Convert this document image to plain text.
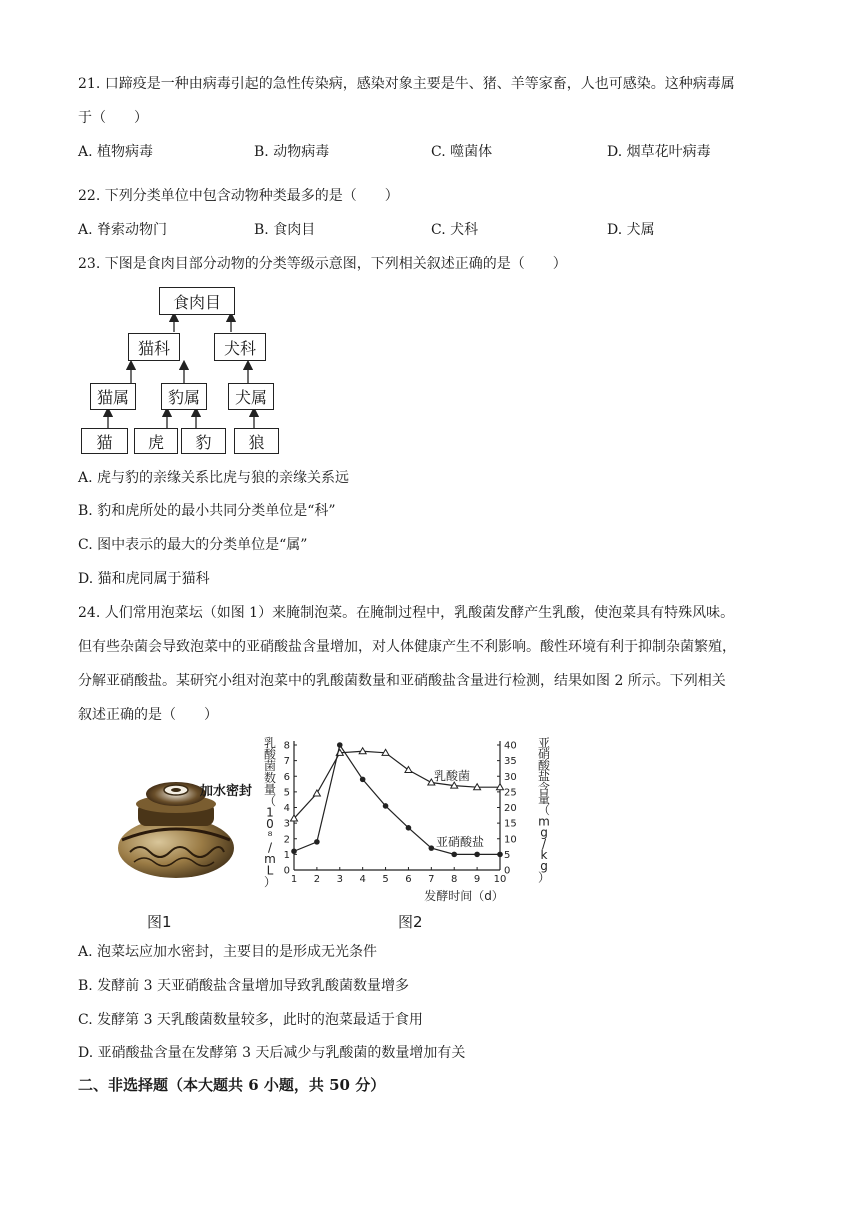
21. 口蹄疫是一种由病毒引起的急性传染病，感染对象主要是牛、猪、羊等家畜，人也可感染。这种病毒属
于（　　）
A. 植物病毒	B. 动物病毒	C. 噬菌体	D. 烟草花叶病毒
22. 下列分类单位中包含动物种类最多的是（　　）
A. 脊索动物门	B. 食肉目	C. 犬科	D. 犬属
23. 下图是食肉目部分动物的分类等级示意图，下列相关叙述正确的是（　　）
食肉目
猫科	犬科
猫属	豹属	犬属
猫	虎	豹	狼
A. 虎与豹的亲缘关系比虎与狼的亲缘关系远
B. 豹和虎所处的最小共同分类单位是“科”
C. 图中表示的最大的分类单位是“属”
D. 猫和虎同属于猫科
24. 人们常用泡菜坛（如图 1）来腌制泡菜。在腌制过程中，乳酸菌发酵产生乳酸，使泡菜具有特殊风味。
但有些杂菌会导致泡菜中的亚硝酸盐含量增加，对人体健康产生不利影响。酸性环境有利于抑制杂菌繁殖，
分解亚硝酸盐。某研究小组对泡菜中的乳酸菌数量和亚硝酸盐含量进行检测，结果如图 2 所示。下列相关
叙述正确的是（　　）
加水密封
图1
1 2 3 4 5 6 7 8 9 10
0
1
2
3
4
5
6
7
8
0
5
10
15
20
25
30
35
40
乳
酸
菌
数
量
（
1
0
⁸
/
m
L
）
亚
硝
酸
盐
含
量
（
m
g
/
k
g
）
发酵时间（d）
乳酸菌
亚硝酸盐
图2
A. 泡菜坛应加水密封，主要目的是形成无光条件
B. 发酵前 3 天亚硝酸盐含量增加导致乳酸菌数量增多
C. 发酵第 3 天乳酸菌数量较多，此时的泡菜最适于食用
D. 亚硝酸盐含量在发酵第 3 天后减少与乳酸菌的数量增加有关
二、非选择题（本大题共 6 小题，共 50 分）
